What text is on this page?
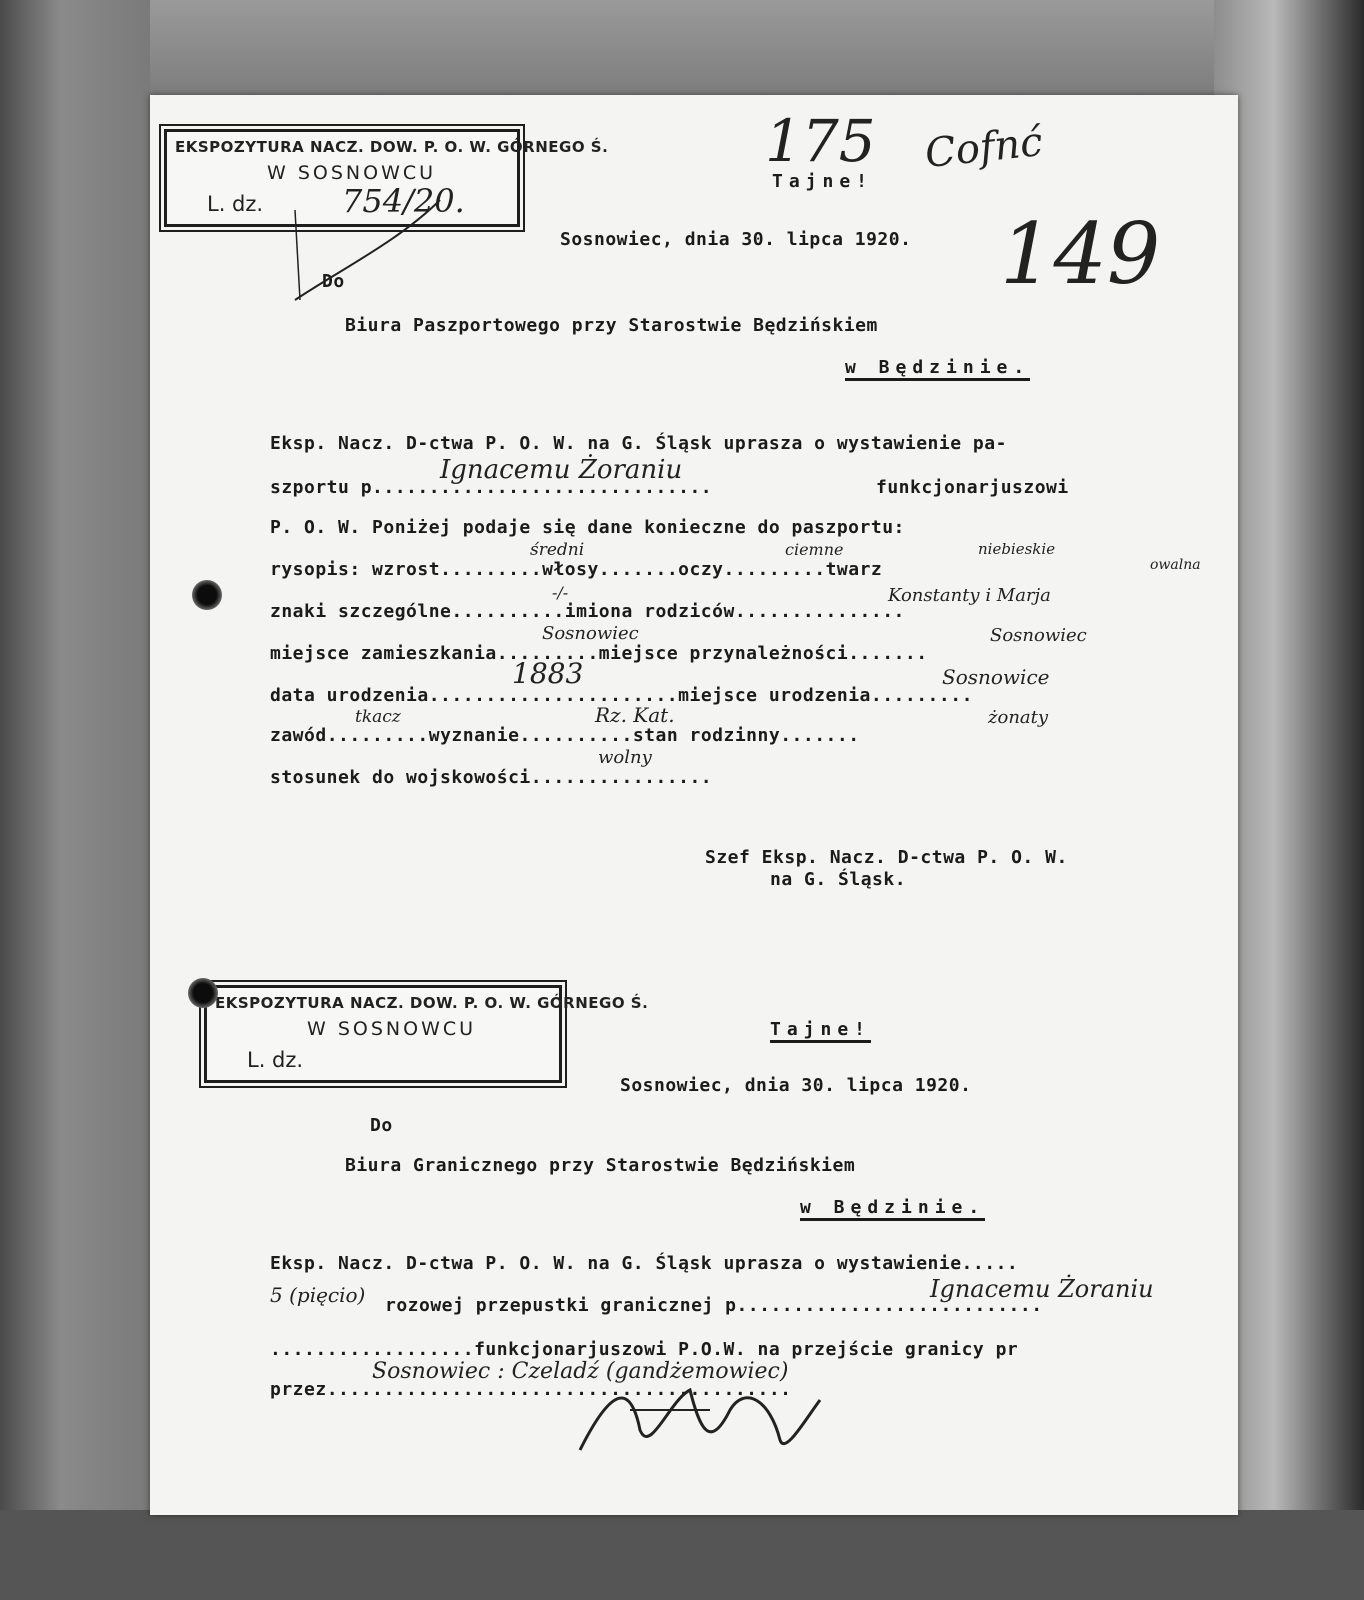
EKSPOZYTURA NACZ. DOW. P. O. W. GÓRNEGO Ś.
W SOSNOWCU
L. dz. 754/20.
175 Cofnć
149
Tajne!
Sosnowiec, dnia 30. lipca 1920.
Do
Biura Paszportowego przy Starostwie Będzińskiem
w Będzinie.
Eksp. Nacz. D-ctwa P. O. W. na G. Śląsk uprasza o wystawienie pa-
szportu p..............................
Ignacemu Żoraniu
funkcjonarjuszowi
P. O. W. Poniżej podaje się dane konieczne do paszportu:
rysopis: wzrost.........włosy.......oczy.........twarz
średni	ciemne	niebieskie
owalna
znaki szczególne..........imiona rodziców...............
-/-	Konstanty i Marja
miejsce zamieszkania.........miejsce przynależności.......
Sosnowiec	Sosnowiec
data urodzenia......................miejsce urodzenia.........
1883	Sosnowice
zawód.........wyznanie..........stan rodzinny.......
tkacz	Rz. Kat.	żonaty
stosunek do wojskowości................
wolny
Szef Eksp. Nacz. D-ctwa P. O. W.
na G. Śląsk.
EKSPOZYTURA NACZ. DOW. P. O. W. GÓRNEGO Ś.
W SOSNOWCU
L. dz.
Tajne!
Sosnowiec, dnia 30. lipca 1920.
Do
Biura Granicznego przy Starostwie Będzińskiem
w Będzinie.
Eksp. Nacz. D-ctwa P. O. W. na G. Śląsk uprasza o wystawienie.....
5 (pięcio) rozowej przepustki granicznej p...........................
Ignacemu Żoraniu
..................funkcjonarjuszowi P.O.W. na przejście granicy pr
przez.........................................
Sosnowiec : Czeladź (gandżemowiec)
